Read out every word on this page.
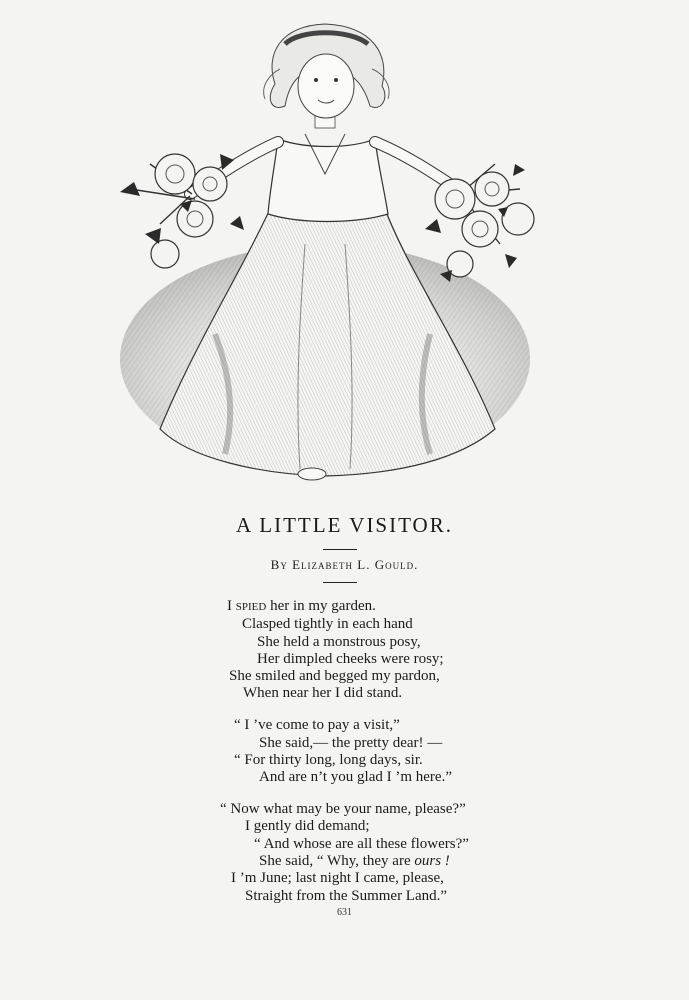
A LITTLE VISITOR.
By Elizabeth L. Gould.
I spied her in my garden.
Clasped tightly in each hand
She held a monstrous posy,
Her dimpled cheeks were rosy;
She smiled and begged my pardon,
When near her I did stand.
“ I ’ve come to pay a visit,”
She said,— the pretty dear! —
“ For thirty long, long days, sir.
And are n’t you glad I ’m here.”
“ Now what may be your name, please?”
I gently did demand;
“ And whose are all these flowers?”
She said, “ Why, they are ours !
I ’m June; last night I came, please,
Straight from the Summer Land.”
631
